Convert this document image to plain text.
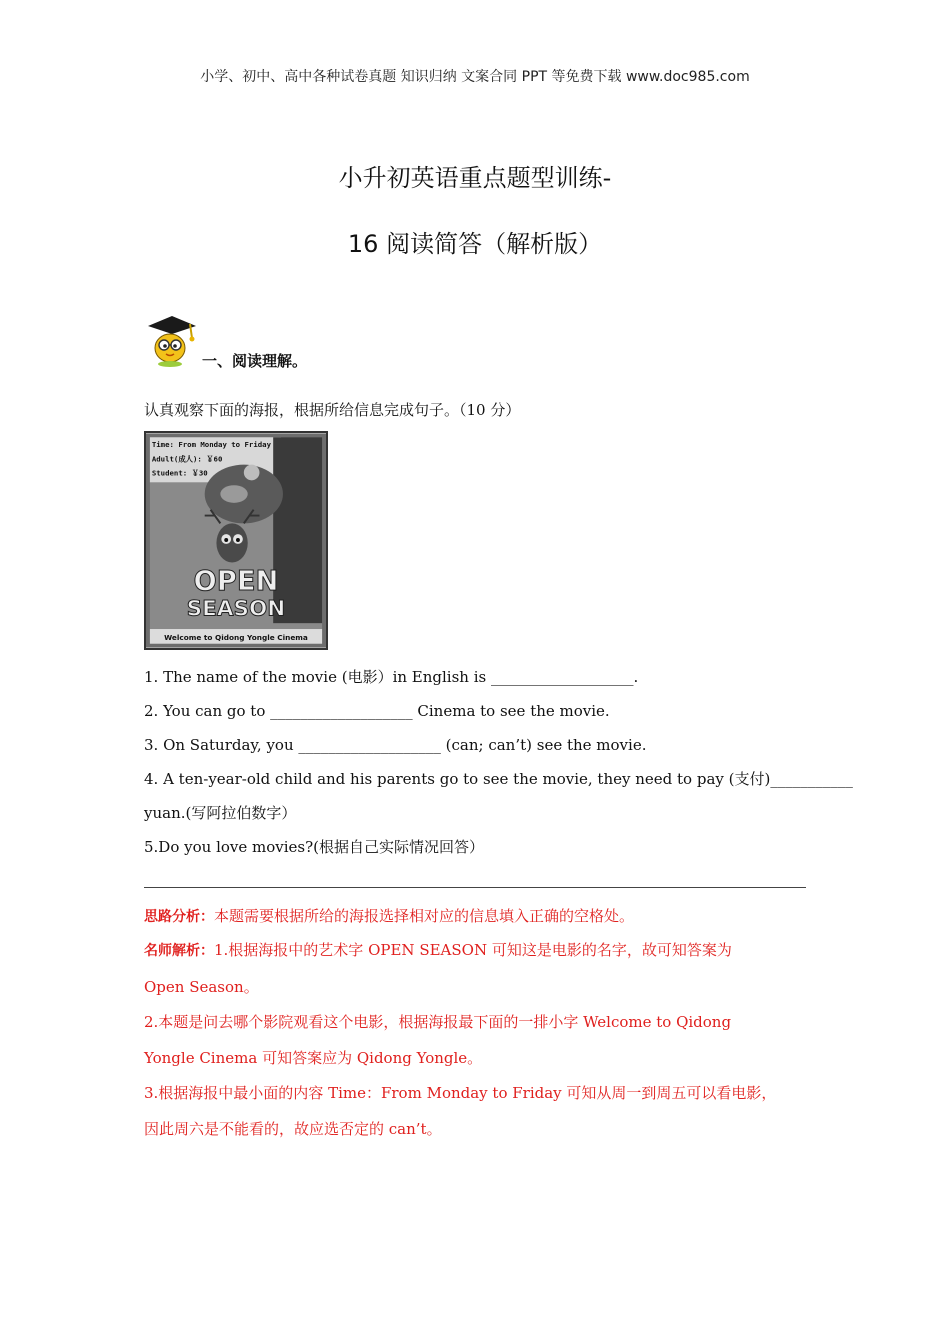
小学、初中、高中各种试卷真题 知识归纳 文案合同 PPT 等免费下载 www.doc985.com
小升初英语重点题型训练-
16 阅读简答（解析版）
一、阅读理解。
认真观察下面的海报，根据所给信息完成句子。（10 分）
Time: From Monday to Friday
Adult(成人): ￥60
Student: ￥30
OPEN
SEASON
Welcome to Qidong Yongle Cinema
1. The name of the movie (电影）in English is ___________________.
2. You can go to ___________________ Cinema to see the movie.
3. On Saturday, you ___________________ (can; can’t) see the movie.
4. A ten-year-old child and his parents go to see the movie, they need to pay (支付)___________
yuan.(写阿拉伯数字）
5.Do you love movies?(根据自己实际情况回答）
思路分析：本题需要根据所给的海报选择相对应的信息填入正确的空格处。
名师解析：1.根据海报中的艺术字 OPEN SEASON 可知这是电影的名字，故可知答案为
Open Season。
2.本题是问去哪个影院观看这个电影，根据海报最下面的一排小字 Welcome to Qidong
Yongle Cinema 可知答案应为 Qidong Yongle。
3.根据海报中最小面的内容 Time：From Monday to Friday 可知从周一到周五可以看电影，
因此周六是不能看的，故应选否定的 can’t。
